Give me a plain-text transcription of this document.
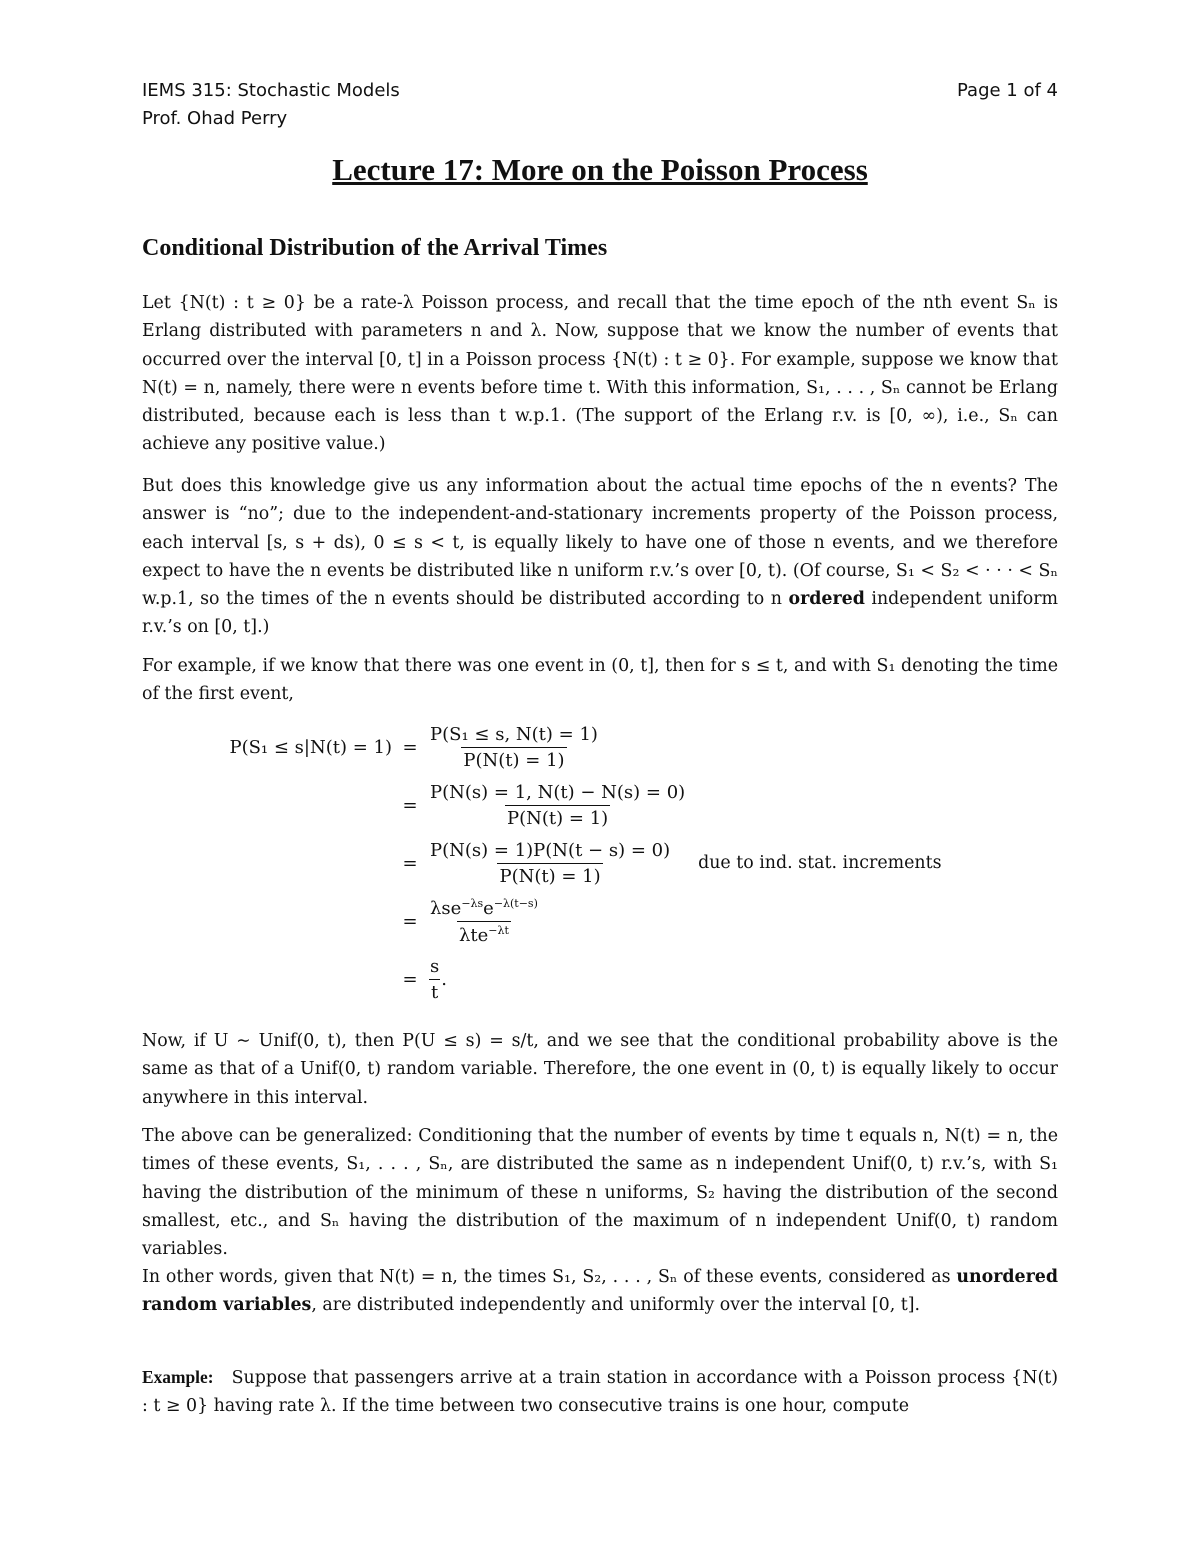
IEMS 315: Stochastic Models	Page 1 of 4
Prof. Ohad Perry
Lecture 17: More on the Poisson Process
Conditional Distribution of the Arrival Times

Let {N(t) : t ≥ 0} be a rate-λ Poisson process, and recall that the time epoch of the nth event Sₙ is Erlang distributed with parameters n and λ. Now, suppose that we know the number of events that occurred over the interval [0, t] in a Poisson process {N(t) : t ≥ 0}. For example, suppose we know that N(t) = n, namely, there were n events before time t. With this information, S₁, . . . , Sₙ cannot be Erlang distributed, because each is less than t w.p.1. (The support of the Erlang r.v. is [0, ∞), i.e., Sₙ can achieve any positive value.)

But does this knowledge give us any information about the actual time epochs of the n events? The answer is “no”; due to the independent-and-stationary increments property of the Poisson process, each interval [s, s + ds), 0 ≤ s < t, is equally likely to have one of those n events, and we therefore expect to have the n events be distributed like n uniform r.v.’s over [0, t). (Of course, S₁ < S₂ < · · · < Sₙ w.p.1, so the times of the n events should be distributed according to n ordered independent uniform r.v.’s on [0, t].)

For example, if we know that there was one event in (0, t], then for s ≤ t, and with S₁ denoting the time of the first event,

$P(S_1 \le s|N(t) = 1) = \frac{\text{P(S₁ ≤ s, N(t) = 1)}}{P(N(t) = 1)}$
= $\frac{P(N(s) = 1, N(t) - N(s) = 0)}{P(N(t) = 1)}$
= $\frac{P(N(s) = 1)P(N(t - s) = 0)}{P(N(t) = 1)}$ due to ind. stat. increments
= $\frac{\lambda se^{-\lambda s}e^{-\lambda(t-s)}}{\lambda te^{-\lambda t}}$
= $\frac{s}{t}$ .

Now, if U ∼ Unif(0, t), then P(U ≤ s) = s/t, and we see that the conditional probability above is the same as that of a Unif(0, t) random variable. Therefore, the one event in (0, t) is equally likely to occur anywhere in this interval.

The above can be generalized: Conditioning that the number of events by time t equals n, N(t) = n, the times of these events, S₁, . . . , Sₙ, are distributed the same as n independent Unif(0, t) r.v.’s, with S₁ having the distribution of the minimum of these n uniforms, S₂ having the distribution of the second smallest, etc., and Sₙ having the distribution of the maximum of n independent Unif(0, t) random variables.

In other words, given that N(t) = n, the times S₁, S₂, . . . , Sₙ of these events, considered as unordered random variables, are distributed independently and uniformly over the interval [0, t].

Example: Suppose that passengers arrive at a train station in accordance with a Poisson process {N(t) : t ≥ 0} having rate λ. If the time between two consecutive trains is one hour, compute
